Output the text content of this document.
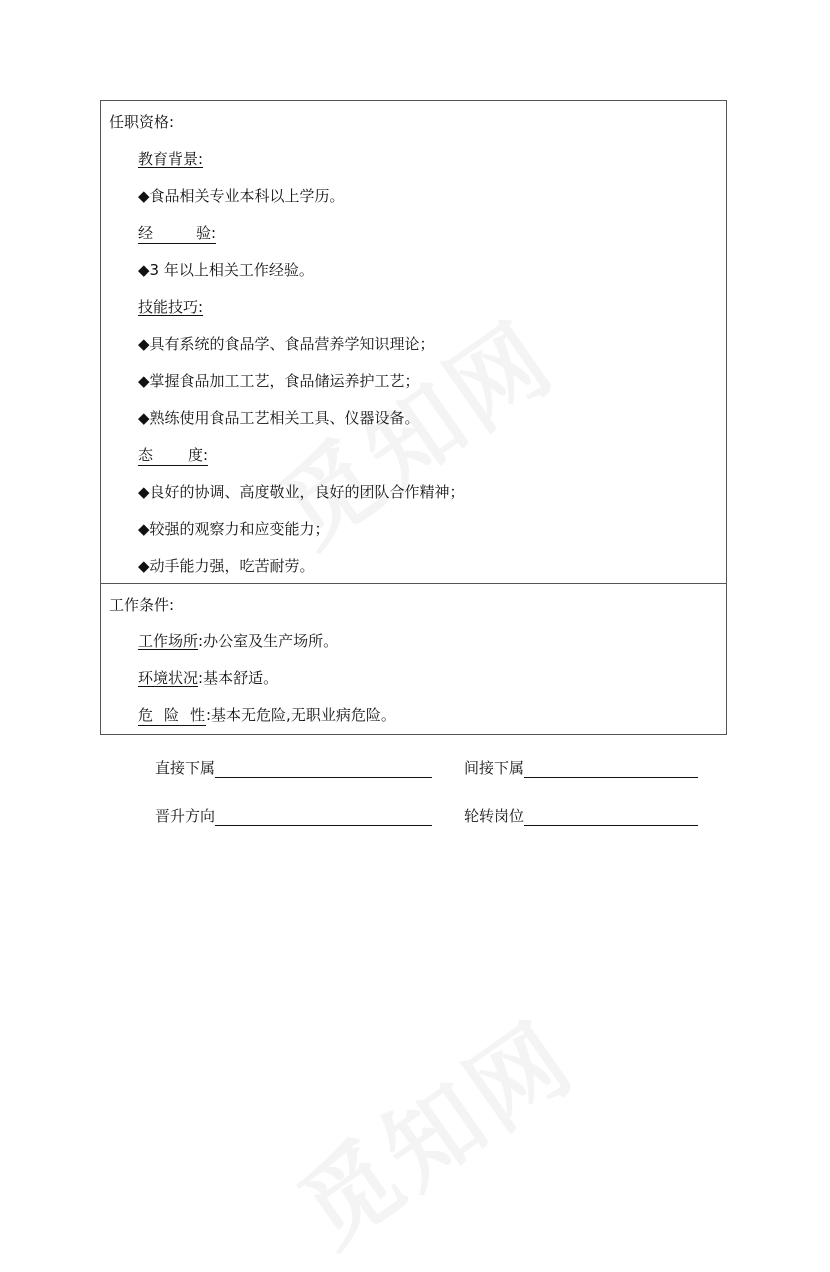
任职资格:
教育背景:
◆食品相关专业本科以上学历。
经	验:
◆3 年以上相关工作经验。
技能技巧:
◆具有系统的食品学、食品营养学知识理论；
◆掌握食品加工工艺，食品储运养护工艺；
◆熟练使用食品工艺相关工具、仪器设备。
态 度:
◆良好的协调、高度敬业，良好的团队合作精神；
◆较强的观察力和应变能力；
◆动手能力强，吃苦耐劳。
工作条件:
工作场所:办公室及生产场所。
环境状况:基本舒适。
危 险 性 :基本无危险,无职业病危险。
直接下属	间接下属
晋升方向	轮转岗位
